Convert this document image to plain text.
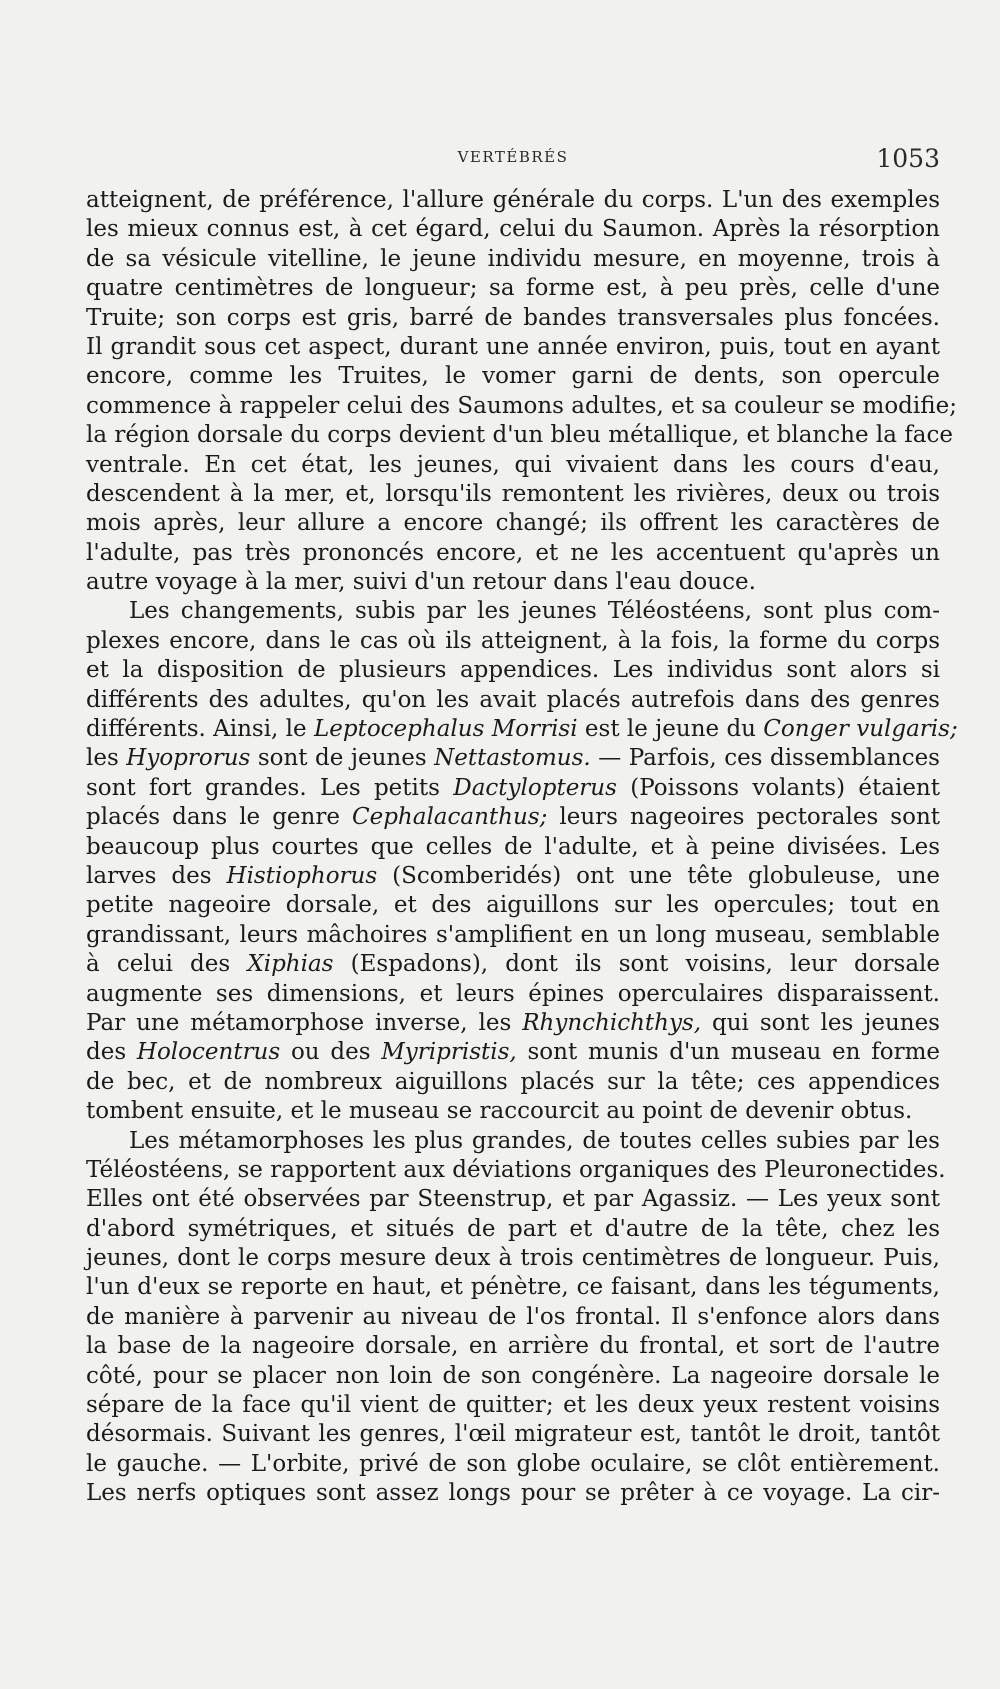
VERTÉBRÉS	1053
atteignent, de préférence, l'allure générale du corps. L'un des exemples
les mieux connus est, à cet égard, celui du Saumon. Après la résorption
de sa vésicule vitelline, le jeune individu mesure, en moyenne, trois à
quatre centimètres de longueur; sa forme est, à peu près, celle d'une
Truite; son corps est gris, barré de bandes transversales plus foncées.
Il grandit sous cet aspect, durant une année environ, puis, tout en ayant
encore, comme les Truites, le vomer garni de dents, son opercule
commence à rappeler celui des Saumons adultes, et sa couleur se modifie;
la région dorsale du corps devient d'un bleu métallique, et blanche la face
ventrale. En cet état, les jeunes, qui vivaient dans les cours d'eau,
descendent à la mer, et, lorsqu'ils remontent les rivières, deux ou trois
mois après, leur allure a encore changé; ils offrent les caractères de
l'adulte, pas très prononcés encore, et ne les accentuent qu'après un
autre voyage à la mer, suivi d'un retour dans l'eau douce.
Les changements, subis par les jeunes Téléostéens, sont plus com-
plexes encore, dans le cas où ils atteignent, à la fois, la forme du corps
et la disposition de plusieurs appendices. Les individus sont alors si
différents des adultes, qu'on les avait placés autrefois dans des genres
différents. Ainsi, le Leptocephalus Morrisi est le jeune du Conger vulgaris;
les Hyoprorus sont de jeunes Nettastomus. — Parfois, ces dissemblances
sont fort grandes. Les petits Dactylopterus (Poissons volants) étaient
placés dans le genre Cephalacanthus; leurs nageoires pectorales sont
beaucoup plus courtes que celles de l'adulte, et à peine divisées. Les
larves des Histiophorus (Scomberidés) ont une tête globuleuse, une
petite nageoire dorsale, et des aiguillons sur les opercules; tout en
grandissant, leurs mâchoires s'amplifient en un long museau, semblable
à celui des Xiphias (Espadons), dont ils sont voisins, leur dorsale
augmente ses dimensions, et leurs épines operculaires disparaissent.
Par une métamorphose inverse, les Rhynchichthys, qui sont les jeunes
des Holocentrus ou des Myripristis, sont munis d'un museau en forme
de bec, et de nombreux aiguillons placés sur la tête; ces appendices
tombent ensuite, et le museau se raccourcit au point de devenir obtus.
Les métamorphoses les plus grandes, de toutes celles subies par les
Téléostéens, se rapportent aux déviations organiques des Pleuronectides.
Elles ont été observées par Steenstrup, et par Agassiz. — Les yeux sont
d'abord symétriques, et situés de part et d'autre de la tête, chez les
jeunes, dont le corps mesure deux à trois centimètres de longueur. Puis,
l'un d'eux se reporte en haut, et pénètre, ce faisant, dans les téguments,
de manière à parvenir au niveau de l'os frontal. Il s'enfonce alors dans
la base de la nageoire dorsale, en arrière du frontal, et sort de l'autre
côté, pour se placer non loin de son congénère. La nageoire dorsale le
sépare de la face qu'il vient de quitter; et les deux yeux restent voisins
désormais. Suivant les genres, l'œil migrateur est, tantôt le droit, tantôt
le gauche. — L'orbite, privé de son globe oculaire, se clôt entièrement.
Les nerfs optiques sont assez longs pour se prêter à ce voyage. La cir-
